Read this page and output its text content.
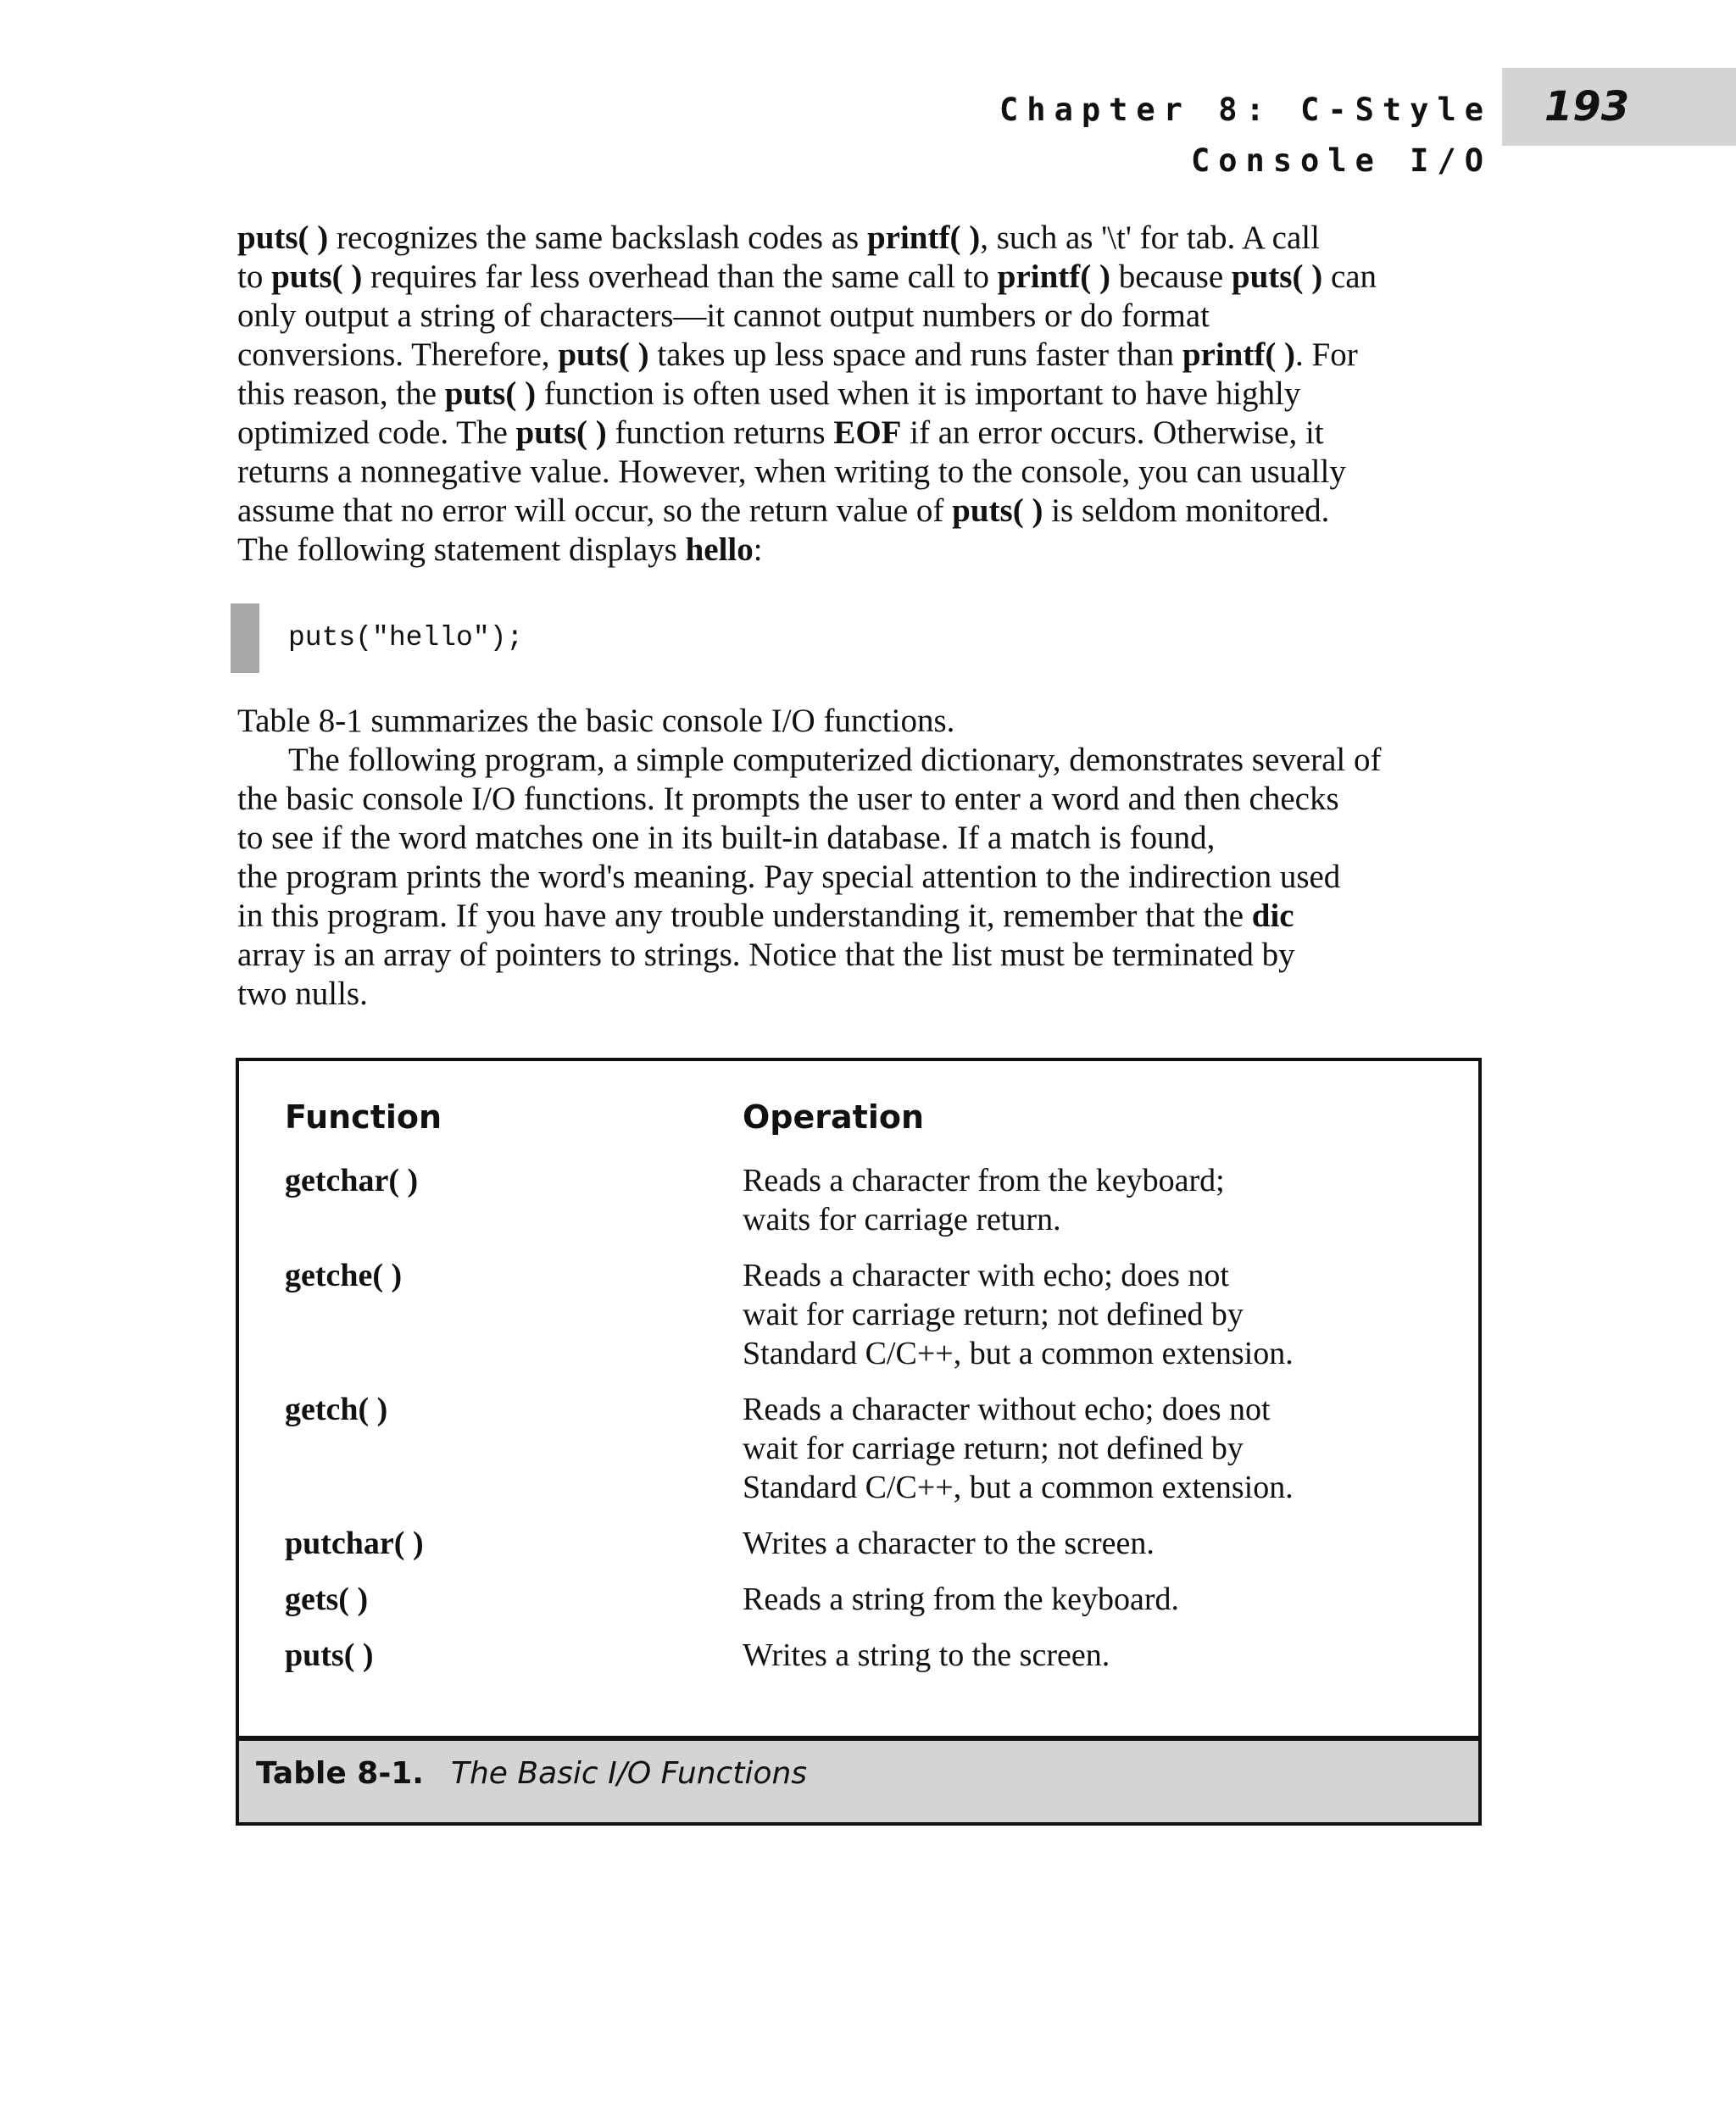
Chapter 8: C-Style Console I/O
193
puts( ) recognizes the same backslash codes as printf( ), such as '\t' for tab. A call
to puts( ) requires far less overhead than the same call to printf( ) because puts( ) can
only output a string of characters—it cannot output numbers or do format
conversions. Therefore, puts( ) takes up less space and runs faster than printf( ). For
this reason, the puts( ) function is often used when it is important to have highly
optimized code. The puts( ) function returns EOF if an error occurs. Otherwise, it
returns a nonnegative value. However, when writing to the console, you can usually
assume that no error will occur, so the return value of puts( ) is seldom monitored.
The following statement displays hello:
puts("hello");
Table 8-1 summarizes the basic console I/O functions.
The following program, a simple computerized dictionary, demonstrates several of
the basic console I/O functions. It prompts the user to enter a word and then checks
to see if the word matches one in its built-in database. If a match is found,
the program prints the word's meaning. Pay special attention to the indirection used
in this program. If you have any trouble understanding it, remember that the dic
array is an array of pointers to strings. Notice that the list must be terminated by
two nulls.
Function	Operation
getchar( )	Reads a character from the keyboard;
waits for carriage return.
getche( )	Reads a character with echo; does not
wait for carriage return; not defined by
Standard C/C++, but a common extension.
getch( )	Reads a character without echo; does not
wait for carriage return; not defined by
Standard C/C++, but a common extension.
putchar( )	Writes a character to the screen.
gets( )	Reads a string from the keyboard.
puts( )	Writes a string to the screen.
Table 8-1. The Basic I/O Functions
